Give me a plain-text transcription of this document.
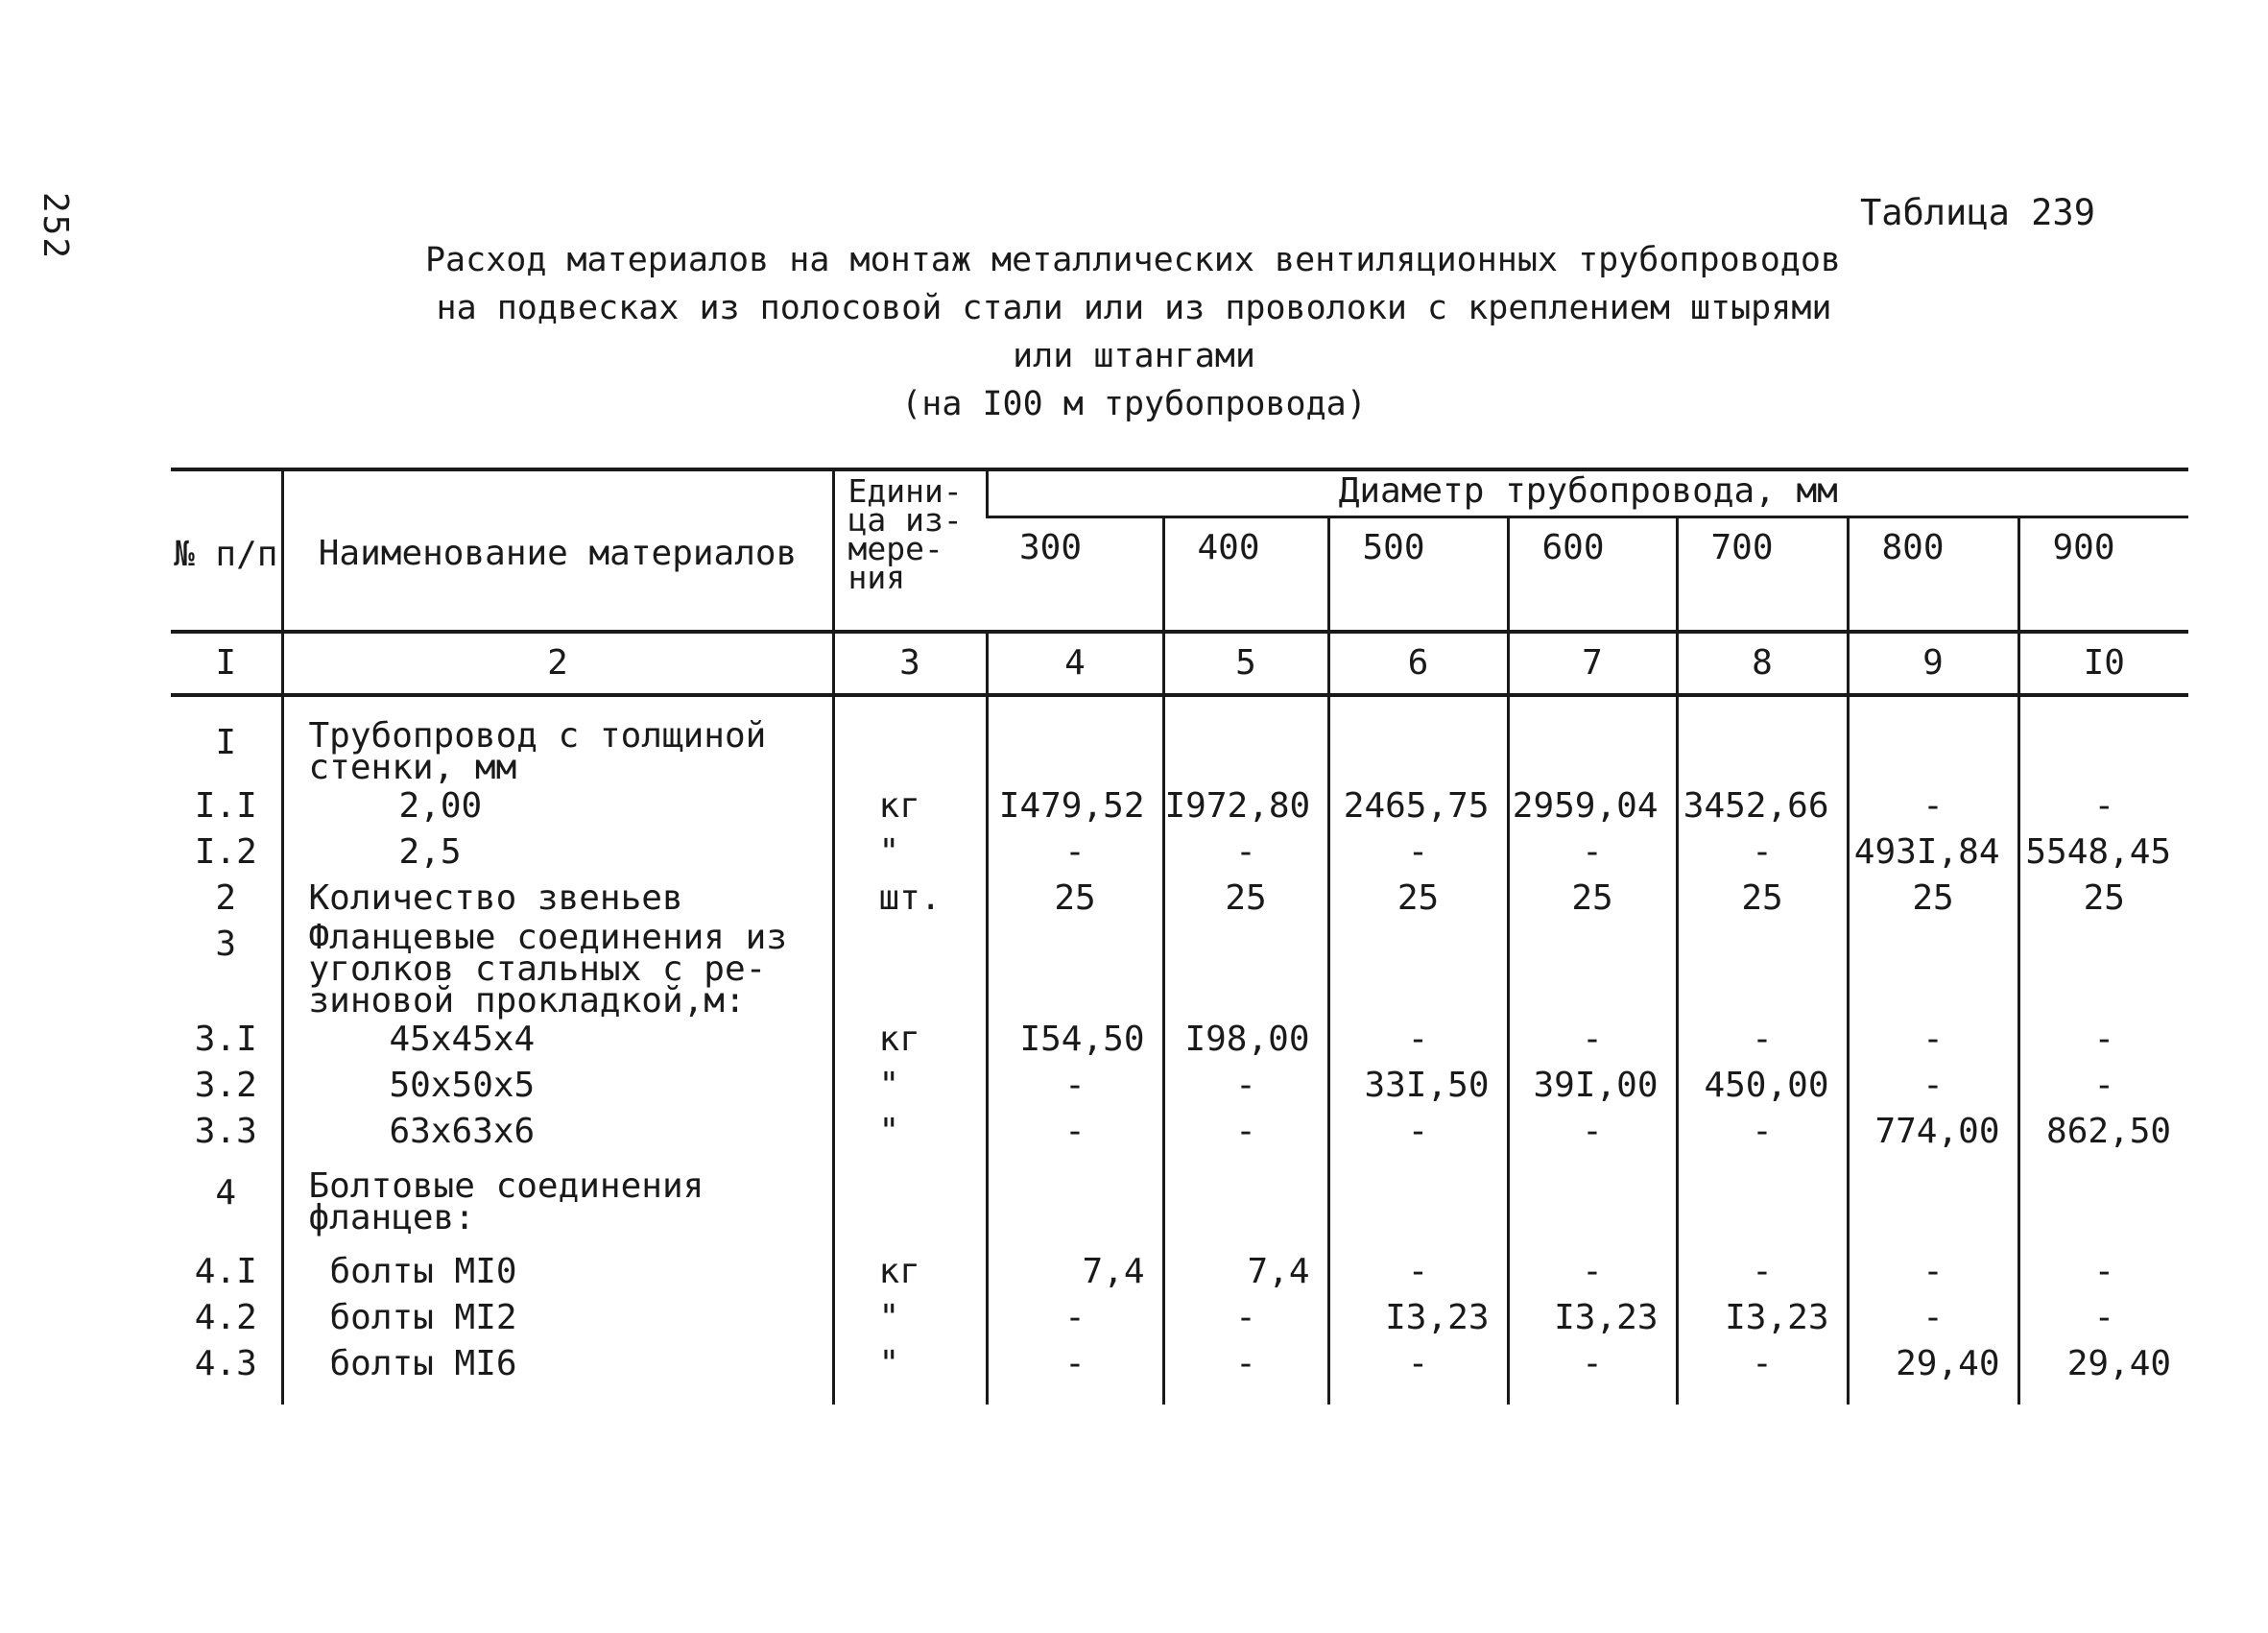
252	Таблица 239
Расход материалов на монтаж металлических вентиляционных трубопроводов
на подвесках из полосовой стали или из проволоки с креплением штырями
или штангами
(на I00 м трубопровода)
№ п/п	Наименование материалов	Едини- ца из- мере- ния	Диаметр трубопровода, мм						
			300	400	500	600	700	800	900
I	2	3	4	5	6	7	8	9	I0
I	Трубопровод с толщиной
стенки, мм								
I.I	2,00	кг	I479,52	I972,80	2465,75	2959,04	3452,66	-	-
I.2	2,5	"	-	-	-	-	-	493I,84	5548,45
2	Количество звеньев	шт.	25	25	25	25	25	25	25
3	Фланцевые соединения из
уголков стальных с ре-
зиновой прокладкой,м:								
3.I	45x45x4	кг	I54,50	I98,00	-	-	-	-	-
3.2	50x50x5	"	-	-	33I,50	39I,00	450,00	-	-
3.3	63x63x6	"	-	-	-	-	-	774,00	862,50

4	Болтовые соединения
фланцев:								

4.I	болты MI0	кг	7,4	7,4	-	-	-	-	-
4.2	болты MI2	"	-	-	I3,23	I3,23	I3,23	-	-
4.3	болты MI6	"	-	-	-	-	-	29,40	29,40
